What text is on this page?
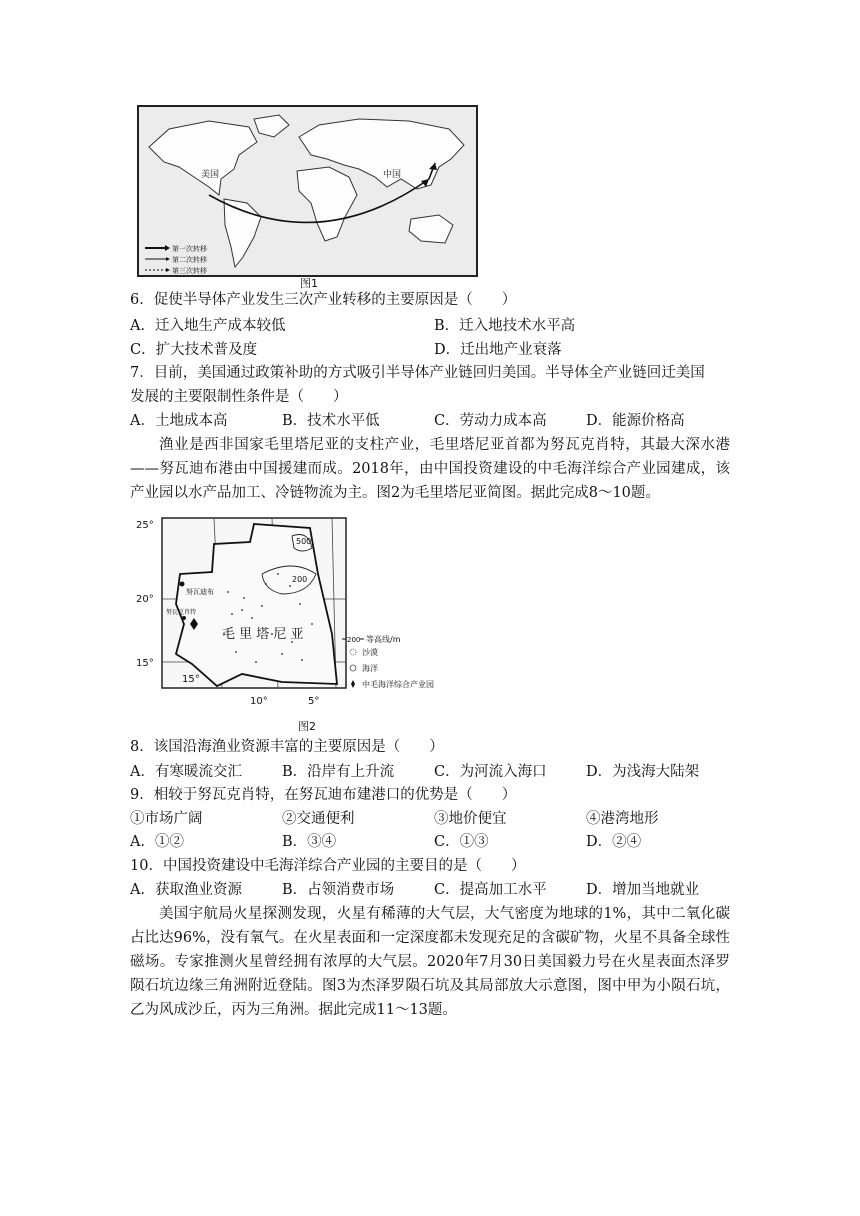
美国	中国
第一次转移
第二次转移
第三次转移
图1
6．促使半导体产业发生三次产业转移的主要原因是（　　）
A．迁入地生产成本较低	B．迁入地技术水平高
C．扩大技术普及度	D．迁出地产业衰落
7．目前，美国通过政策补助的方式吸引半导体产业链回归美国。半导体全产业链回迁美国
发展的主要限制性条件是（　　）
A．土地成本高	B．技术水平低	C．劳动力成本高	D．能源价格高
渔业是西非国家毛里塔尼亚的支柱产业，毛里塔尼亚首都为努瓦克肖特，其最大深水港——努瓦迪布港由中国援建而成。2018年，由中国投资建设的中毛海洋综合产业园建成，该产业园以水产品加工、冷链物流为主。图2为毛里塔尼亚简图。据此完成8～10题。
500
200
努瓦迪布
努瓦克肖特
毛 里 塔 尼 亚
25°
20°
15°
15°
10°	5°
200 等高线/m
沙漠
海洋
中毛海洋综合产业园
图2
8．该国沿海渔业资源丰富的主要原因是（　　）
A．有寒暖流交汇	B．沿岸有上升流	C．为河流入海口	D．为浅海大陆架
9．相较于努瓦克肖特，在努瓦迪布建港口的优势是（　　）
①市场广阔	②交通便利	③地价便宜	④港湾地形
A．①②	B．③④	C．①③	D．②④
10．中国投资建设中毛海洋综合产业园的主要目的是（　　）
A．获取渔业资源	B．占领消费市场	C．提高加工水平	D．增加当地就业
美国宇航局火星探测发现，火星有稀薄的大气层，大气密度为地球的1%，其中二氧化碳占比达96%，没有氧气。在火星表面和一定深度都未发现充足的含碳矿物，火星不具备全球性磁场。专家推测火星曾经拥有浓厚的大气层。2020年7月30日美国毅力号在火星表面杰泽罗陨石坑边缘三角洲附近登陆。图3为杰泽罗陨石坑及其局部放大示意图，图中甲为小陨石坑，乙为风成沙丘，丙为三角洲。据此完成11～13题。
